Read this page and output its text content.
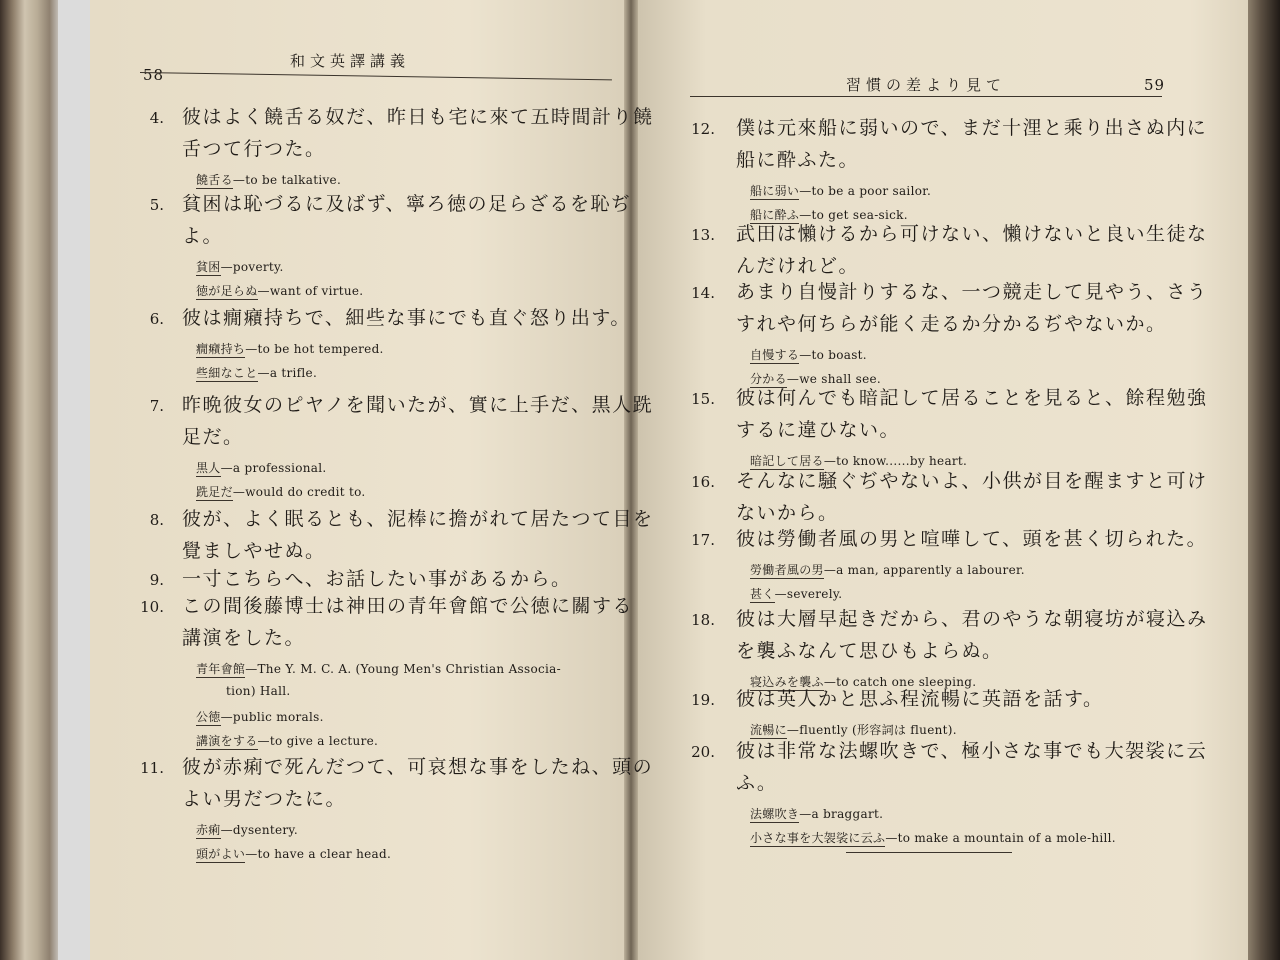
58
和文英譯講義
習慣の差より見て	59
4. 彼はよく饒舌る奴だ、昨日も宅に來て五時間計り饒
舌つて行つた。
饒舌る—to be talkative.
5. 貧困は恥づるに及ばず、寧ろ徳の足らざるを恥ぢ
よ。
貧困—poverty.
徳が足らぬ—want of virtue.
6. 彼は癇癪持ちで、細些な事にでも直ぐ怒り出す。
癇癪持ち—to be hot tempered.
些細なこと—a trifle.
7. 昨晩彼女のピヤノを聞いたが、實に上手だ、黒人跣
足だ。
黒人—a professional.
跣足だ—would do credit to.
8. 彼が、よく眠るとも、泥棒に擔がれて居たつて目を
覺ましやせぬ。
9. 一寸こちらへ、お話したい事があるから。
10. この間後藤博士は神田の青年會館で公徳に關する
講演をした。
青年會館—The Y. M. C. A. (Young Men's Christian Associa-
tion) Hall.
公徳—public morals.
講演をする—to give a lecture.
11. 彼が赤痢で死んだつて、可哀想な事をしたね、頭の
よい男だつたに。
赤痢—dysentery.
頭がよい—to have a clear head.
12. 僕は元來船に弱いので、まだ十浬と乘り出さぬ内に
船に酔ふた。
船に弱い—to be a poor sailor.
船に酔ふ—to get sea-sick.
13. 武田は懶けるから可けない、懶けないと良い生徒な
んだけれど。
14. あまり自慢計りするな、一つ競走して見やう、さう
すれや何ちらが能く走るか分かるぢやないか。
自慢する—to boast.
分かる—we shall see.
15. 彼は何んでも暗記して居ることを見ると、餘程勉強
するに違ひない。
暗記して居る—to know......by heart.
16. そんなに騒ぐぢやないよ、小供が目を醒ますと可け
ないから。
17. 彼は勞働者風の男と喧嘩して、頭を甚く切られた。
勞働者風の男—a man, apparently a labourer.
甚く—severely.
18. 彼は大層早起きだから、君のやうな朝寝坊が寝込み
を襲ふなんて思ひもよらぬ。
寝込みを襲ふ—to catch one sleeping.
19. 彼は英人かと思ふ程流暢に英語を話す。
流暢に—fluently (形容詞は fluent).
20. 彼は非常な法螺吹きで、極小さな事でも大袈裟に云
ふ。
法螺吹き—a braggart.
小さな事を大袈裟に云ふ—to make a mountain of a mole-hill.
